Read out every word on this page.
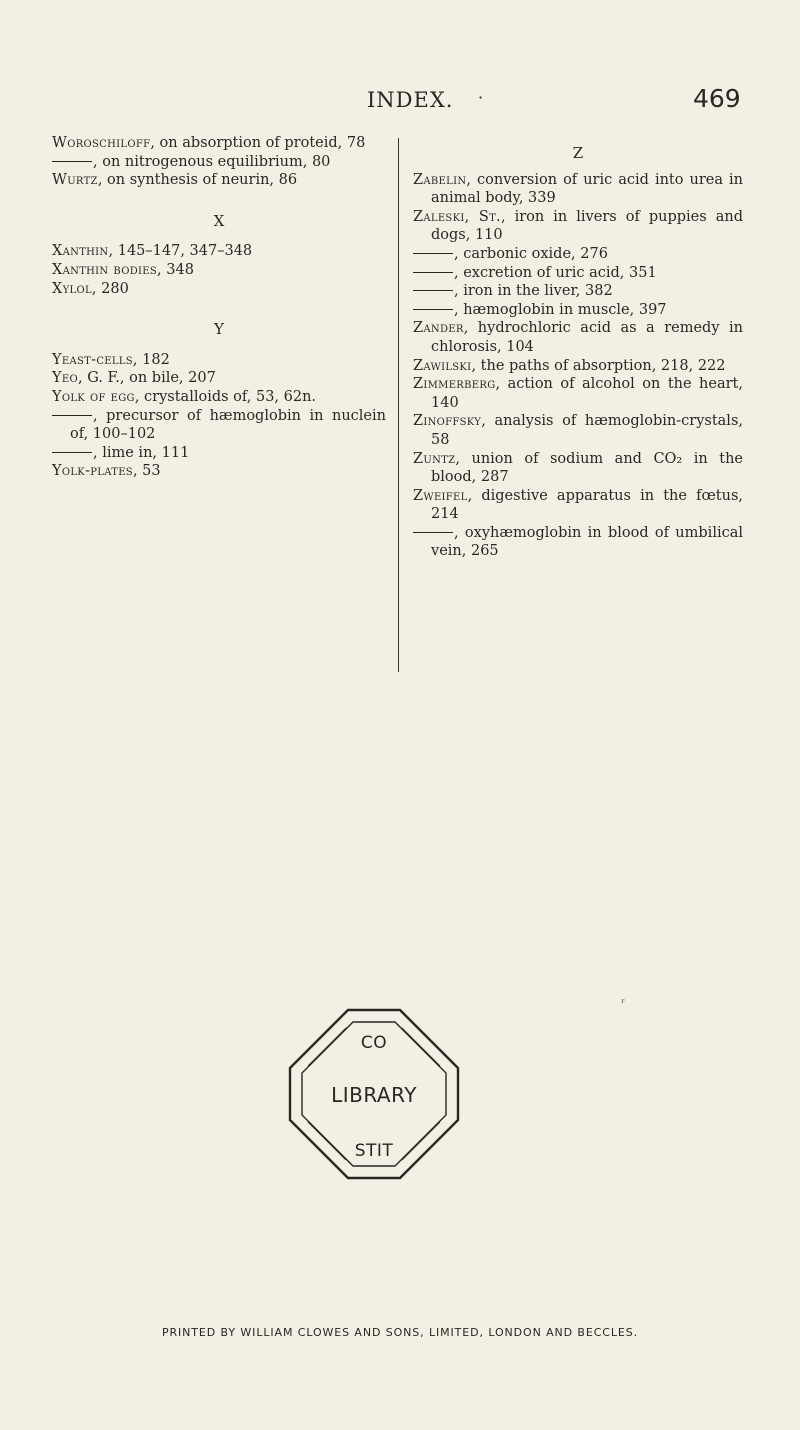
INDEX. ·	469

Woroschiloff, on absorption of proteid, 78

, on nitrogenous equilibrium, 80

Wurtz, on synthesis of neurin, 86

X

Xanthin, 145–147, 347–348

Xanthin bodies, 348

Xylol, 280

Y

Yeast-cells, 182

Yeo, G. F., on bile, 207

Yolk of egg, crystalloids of, 53, 62n.

, precursor of hæmoglobin in nuclein of, 100–102

, lime in, 111

Yolk-plates, 53

Z

Zabelin, conversion of uric acid into urea in animal body, 339

Zaleski, St., iron in livers of puppies and dogs, 110

, carbonic oxide, 276

, excretion of uric acid, 351

, iron in the liver, 382

, hæmoglobin in muscle, 397

Zander, hydrochloric acid as a remedy in chlorosis, 104

Zawilski, the paths of absorption, 218, 222

Zimmerberg, action of alcohol on the heart, 140

Zinoffsky, analysis of hæmoglobin-crystals, 58

Zuntz, union of sodium and CO₂ in the blood, 287

Zweifel, digestive apparatus in the fœtus, 214

, oxyhæmoglobin in blood of umbilical vein, 265

ʳ
CO
LIBRARY
STIT
PRINTED BY WILLIAM CLOWES AND SONS, LIMITED, LONDON AND BECCLES.
